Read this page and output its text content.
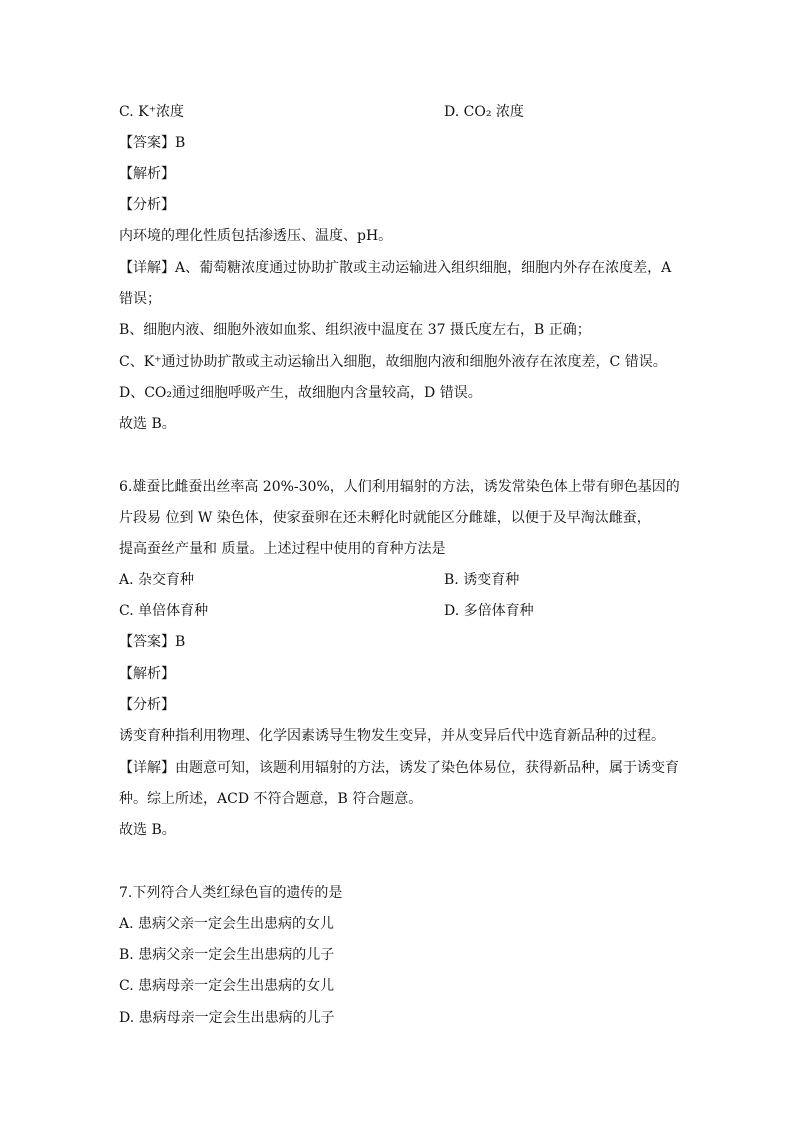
C. K⁺浓度	D. CO₂ 浓度
【答案】B
【解析】
【分析】
内环境的理化性质包括渗透压、温度、pH。
【详解】A、葡萄糖浓度通过协助扩散或主动运输进入组织细胞，细胞内外存在浓度差，A
错误；
B、细胞内液、细胞外液如血浆、组织液中温度在 37 摄氏度左右，B 正确；
C、K⁺通过协助扩散或主动运输出入细胞，故细胞内液和细胞外液存在浓度差，C 错误。
D、CO₂通过细胞呼吸产生，故细胞内含量较高，D 错误。
故选 B。
6.雄蚕比雌蚕出丝率高 20%-30%，人们利用辐射的方法，诱发常染色体上带有卵色基因的
片段易 位到 W 染色体，使家蚕卵在还未孵化时就能区分雌雄，以便于及早淘汰雌蚕，
提高蚕丝产量和 质量。上述过程中使用的育种方法是
A. 杂交育种	B. 诱变育种
C. 单倍体育种	D. 多倍体育种
【答案】B
【解析】
【分析】
诱变育种指利用物理、化学因素诱导生物发生变异，并从变异后代中选育新品种的过程。
【详解】由题意可知，该题利用辐射的方法，诱发了染色体易位，获得新品种，属于诱变育
种。综上所述，ACD 不符合题意，B 符合题意。
故选 B。
7.下列符合人类红绿色盲的遗传的是
A. 患病父亲一定会生出患病的女儿
B. 患病父亲一定会生出患病的儿子
C. 患病母亲一定会生出患病的女儿
D. 患病母亲一定会生出患病的儿子
